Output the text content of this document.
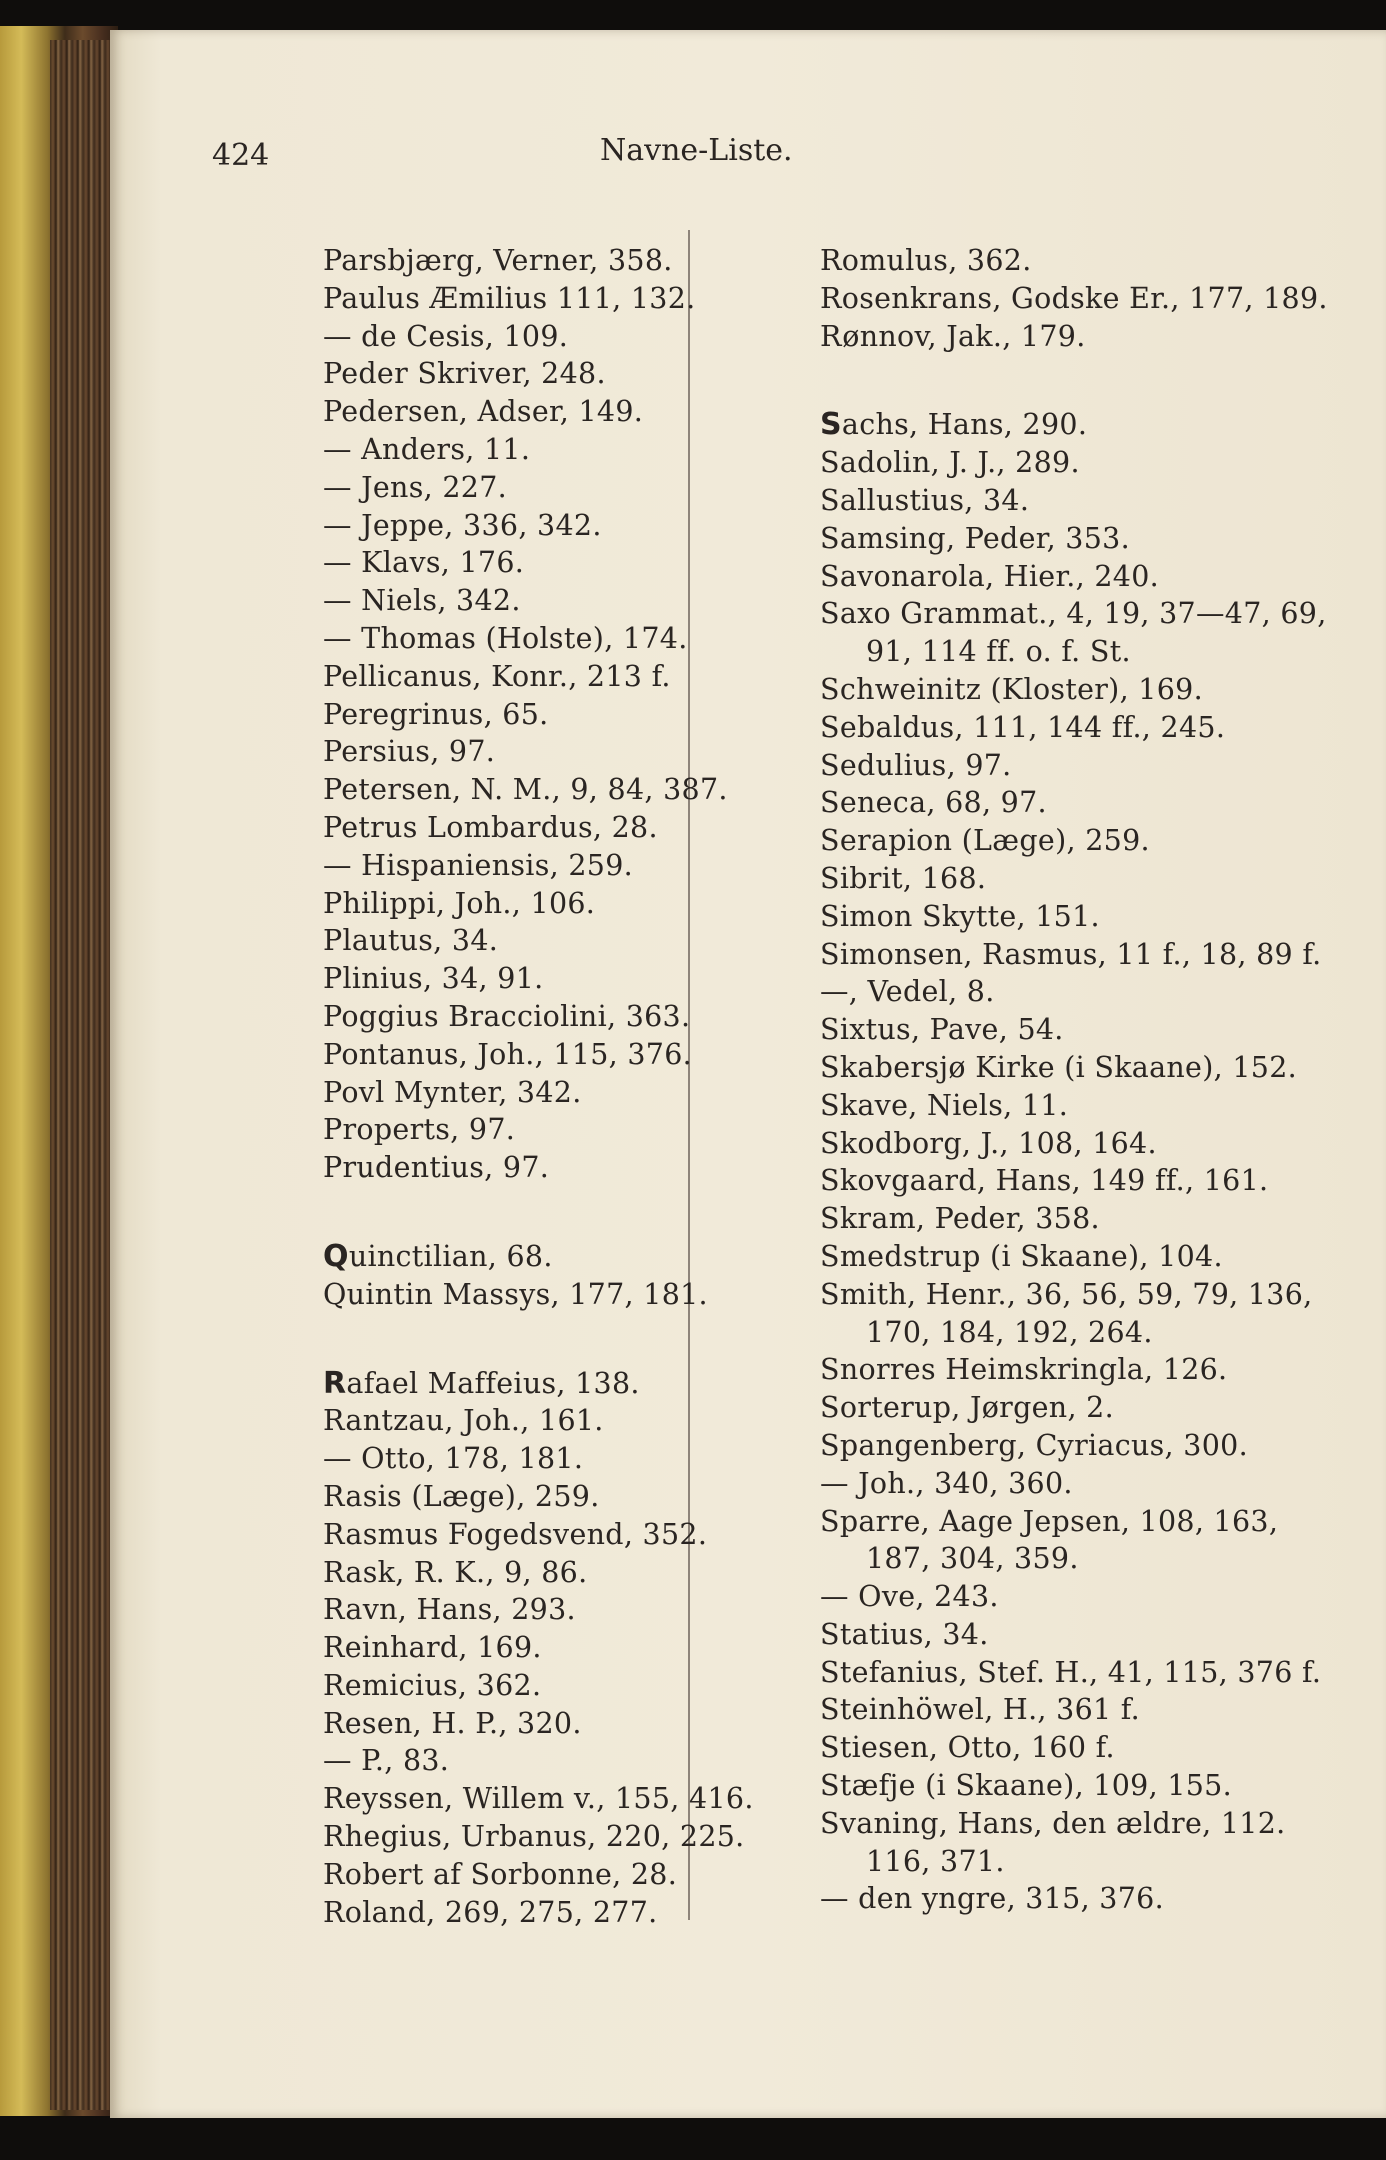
424	Navne-Liste.
Parsbjærg, Verner, 358.
Paulus Æmilius 111, 132.
— de Cesis, 109.
Peder Skriver, 248.
Pedersen, Adser, 149.
— Anders, 11.
— Jens, 227.
— Jeppe, 336, 342.
— Klavs, 176.
— Niels, 342.
— Thomas (Holste), 174.
Pellicanus, Konr., 213 f.
Peregrinus, 65.
Persius, 97.
Petersen, N. M., 9, 84, 387.
Petrus Lombardus, 28.
— Hispaniensis, 259.
Philippi, Joh., 106.
Plautus, 34.
Plinius, 34, 91.
Poggius Bracciolini, 363.
Pontanus, Joh., 115, 376.
Povl Mynter, 342.
Properts, 97.
Prudentius, 97.
Quinctilian, 68.
Quintin Massys, 177, 181.
Rafael Maffeius, 138.
Rantzau, Joh., 161.
— Otto, 178, 181.
Rasis (Læge), 259.
Rasmus Fogedsvend, 352.
Rask, R. K., 9, 86.
Ravn, Hans, 293.
Reinhard, 169.
Remicius, 362.
Resen, H. P., 320.
— P., 83.
Reyssen, Willem v., 155, 416.
Rhegius, Urbanus, 220, 225.
Robert af Sorbonne, 28.
Roland, 269, 275, 277.
Romulus, 362.
Rosenkrans, Godske Er., 177, 189.
Rønnov, Jak., 179.
Sachs, Hans, 290.
Sadolin, J. J., 289.
Sallustius, 34.
Samsing, Peder, 353.
Savonarola, Hier., 240.
Saxo Grammat., 4, 19, 37—47, 69,
91, 114 ff. o. f. St.
Schweinitz (Kloster), 169.
Sebaldus, 111, 144 ff., 245.
Sedulius, 97.
Seneca, 68, 97.
Serapion (Læge), 259.
Sibrit, 168.
Simon Skytte, 151.
Simonsen, Rasmus, 11 f., 18, 89 f.
—, Vedel, 8.
Sixtus, Pave, 54.
Skabersjø Kirke (i Skaane), 152.
Skave, Niels, 11.
Skodborg, J., 108, 164.
Skovgaard, Hans, 149 ff., 161.
Skram, Peder, 358.
Smedstrup (i Skaane), 104.
Smith, Henr., 36, 56, 59, 79, 136,
170, 184, 192, 264.
Snorres Heimskringla, 126.
Sorterup, Jørgen, 2.
Spangenberg, Cyriacus, 300.
— Joh., 340, 360.
Sparre, Aage Jepsen, 108, 163,
187, 304, 359.
— Ove, 243.
Statius, 34.
Stefanius, Stef. H., 41, 115, 376 f.
Steinhöwel, H., 361 f.
Stiesen, Otto, 160 f.
Stæfje (i Skaane), 109, 155.
Svaning, Hans, den ældre, 112.
116, 371.
— den yngre, 315, 376.
